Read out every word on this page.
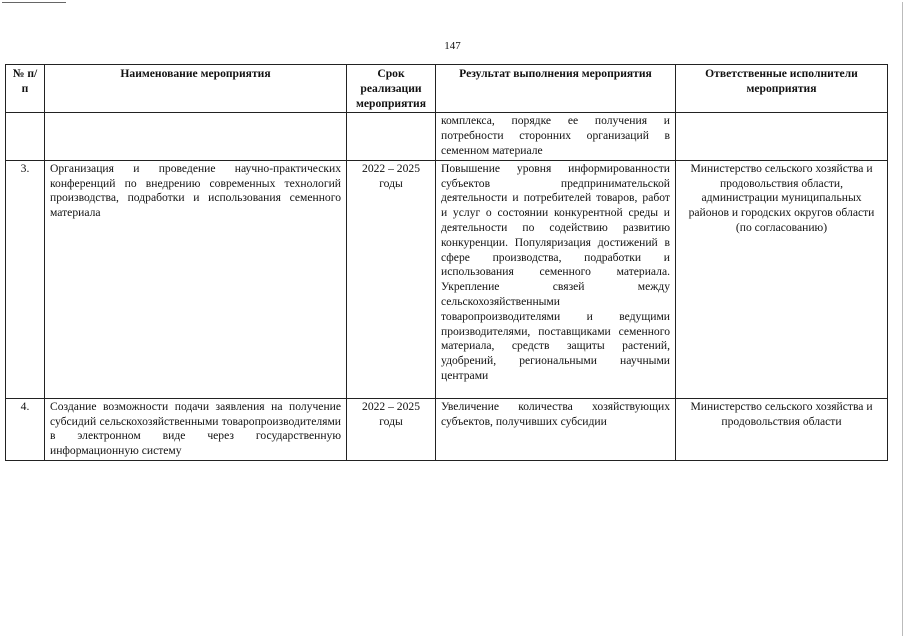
147
№ п/п	Наименование мероприятия	Срок реализации мероприятия	Результат выполнения мероприятия	Ответственные исполнители мероприятия
			комплекса, порядке ее получения и потребности сторонних организаций в семенном материале	
3.	Организация и проведение научно-практических конференций по внедрению современных технологий производства, подработки и использования семенного материала	2022 – 2025 годы	Повышение уровня информированности субъектов предпринимательской деятельности и потребителей товаров, работ и услуг о состоянии конкурентной среды и деятельности по содействию развитию конкуренции. Популяризация достижений в сфере производства, подработки и использования семенного материала. Укрепление связей между сельскохозяйственными товаропроизводителями и ведущими производителями, поставщиками семенного материала, средств защиты растений, удобрений, региональными научными центрами	Министерство сельского хозяйства и продовольствия области, администрации муниципальных районов и городских округов области (по согласованию)
4.	Создание возможности подачи заявления на получение субсидий сельскохозяйственными товаропроизводителями в электронном виде через государственную информационную систему	2022 – 2025 годы	Увеличение количества хозяйствующих субъектов, получивших субсидии	Министерство сельского хозяйства и продовольствия области
